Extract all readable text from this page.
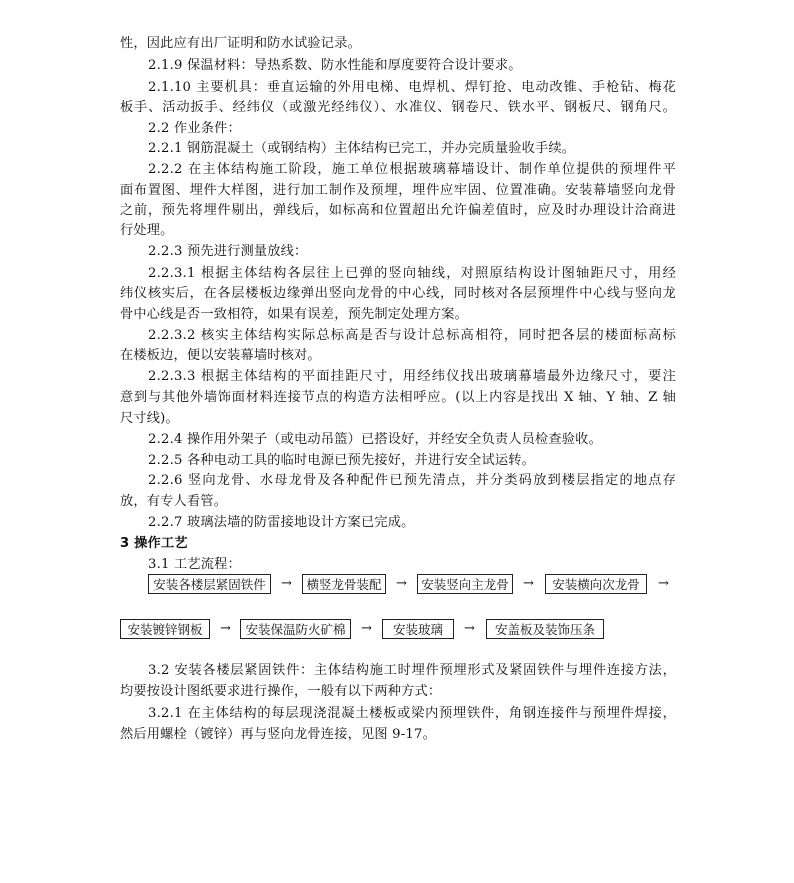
性，因此应有出厂证明和防水试验记录。
2.1.9 保温材料：导热系数、防水性能和厚度要符合设计要求。
2.1.10 主要机具：垂直运输的外用电梯、电焊机、焊钉抢、电动改锥、手枪钻、梅花
板手、活动扳手、经纬仪（或激光经纬仪）、水准仪、钢卷尺、铁水平、钢板尺、钢角尺。
2.2 作业条件：
2.2.1 钢筋混凝土（或钢结构）主体结构已完工，并办完质量验收手续。
2.2.2 在主体结构施工阶段，施工单位根据玻璃幕墙设计、制作单位提供的预埋件平
面布置图、埋件大样图，进行加工制作及预埋，埋件应牢固、位置准确。安装幕墙竖向龙骨
之前，预先将埋件剔出，弹线后，如标高和位置超出允许偏差值时，应及时办理设计洽商进
行处理。
2.2.3 预先进行测量放线：
2.2.3.1 根据主体结构各层往上已弹的竖向轴线，对照原结构设计图轴距尺寸，用经
纬仪核实后，在各层楼板边缘弹出竖向龙骨的中心线，同时核对各层预埋件中心线与竖向龙
骨中心线是否一致相符，如果有误差，预先制定处理方案。
2.2.3.2 核实主体结构实际总标高是否与设计总标高相符，同时把各层的楼面标高标
在楼板边，便以安装幕墙时核对。
2.2.3.3 根据主体结构的平面挂距尺寸，用经纬仪找出玻璃幕墙最外边缘尺寸，要注
意到与其他外墙饰面材料连接节点的构造方法相呼应。(以上内容是找出 X 轴、Y 轴、Z 轴
尺寸线)。
2.2.4 操作用外架子（或电动吊篮）已搭设好，并经安全负责人员检查验收。
2.2.5 各种电动工具的临时电源已预先接好，并进行安全试运转。
2.2.6 竖向龙骨、水母龙骨及各种配件已预先清点，并分类码放到楼层指定的地点存
放，有专人看管。
2.2.7 玻璃法墙的防雷接地设计方案已完成。
3 操作工艺
3.1 工艺流程：
安装各楼层紧固铁件	→	横竖龙骨装配	→	安装竖向主龙骨	→	安装横向次龙骨	→
安装镀锌钢板	→	安装保温防火矿棉	→	安装玻璃	→	安盖板及装饰压条
3.2 安装各楼层紧固铁件：主体结构施工时埋件预埋形式及紧固铁件与埋件连接方法，
均要按设计图纸要求进行操作，一般有以下两种方式：
3.2.1 在主体结构的每层现浇混凝土楼板或梁内预埋铁件，角钢连接件与预埋件焊接，
然后用螺栓（镀锌）再与竖向龙骨连接，见图 9-17。
